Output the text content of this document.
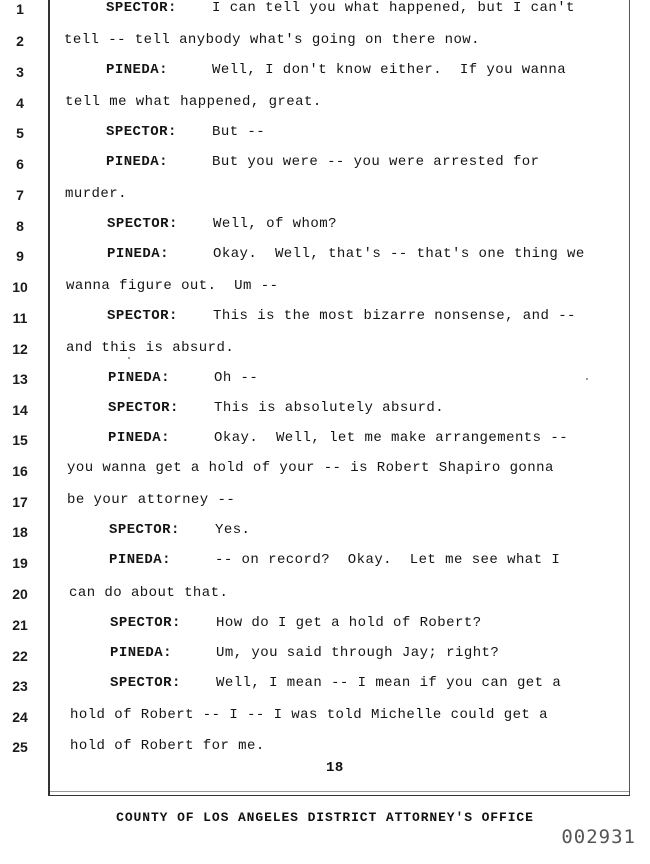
1
2
3
4
5
6
7
8
9
10
11
12
13
14
15
16
17
18
19
20
21
22
23
24
25
SPECTOR:	I can tell you what happened, but I can't
tell -- tell anybody what's going on there now.
PINEDA:	Well, I don't know either.  If you wanna
tell me what happened, great.
SPECTOR:	But --
PINEDA:	But you were -- you were arrested for
murder.
SPECTOR:	Well, of whom?
PINEDA:	Okay.  Well, that's -- that's one thing we
wanna figure out.  Um --
SPECTOR:	This is the most bizarre nonsense, and --
and this is absurd.
PINEDA:	Oh --
SPECTOR:	This is absolutely absurd.
PINEDA:	Okay.  Well, let me make arrangements --
you wanna get a hold of your -- is Robert Shapiro gonna
be your attorney --
SPECTOR:	Yes.
PINEDA:	-- on record?  Okay.  Let me see what I
can do about that.
SPECTOR:	How do I get a hold of Robert?
PINEDA:	Um, you said through Jay; right?
SPECTOR:	Well, I mean -- I mean if you can get a
hold of Robert -- I -- I was told Michelle could get a
hold of Robert for me.
18
COUNTY OF LOS ANGELES DISTRICT ATTORNEY'S OFFICE
002931
